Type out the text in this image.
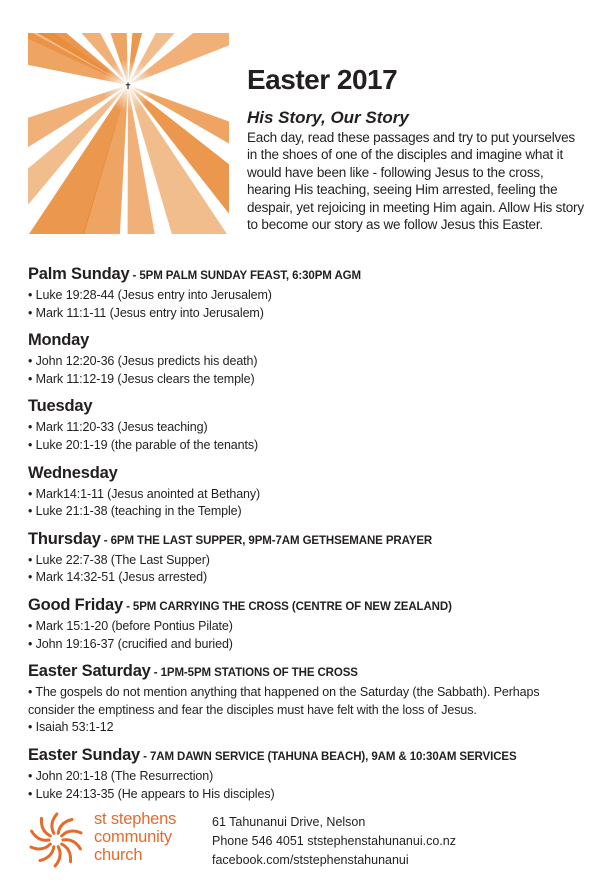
✝	Easter 2017
His Story, Our Story
Each day, read these passages and try to put yourselves in the shoes of one of the disciples and imagine what it would have been like - following Jesus to the cross, hearing His teaching, seeing Him arrested, feeling the despair, yet rejoicing in meeting Him again. Allow His story to become our story as we follow Jesus this Easter.
Palm Sunday - 5PM PALM SUNDAY FEAST, 6:30PM AGM
• Luke 19:28-44 (Jesus entry into Jerusalem)
• Mark 11:1-11 (Jesus entry into Jerusalem)
Monday
• John 12:20-36 (Jesus predicts his death)
• Mark 11:12-19 (Jesus clears the temple)
Tuesday
• Mark 11:20-33 (Jesus teaching)
• Luke 20:1-19 (the parable of the tenants)
Wednesday
• Mark14:1-11 (Jesus anointed at Bethany)
• Luke 21:1-38 (teaching in the Temple)
Thursday - 6PM THE LAST SUPPER, 9PM-7AM GETHSEMANE PRAYER
• Luke 22:7-38 (The Last Supper)
• Mark 14:32-51 (Jesus arrested)
Good Friday - 5PM CARRYING THE CROSS (CENTRE OF NEW ZEALAND)
• Mark 15:1-20 (before Pontius Pilate)
• John 19:16-37 (crucified and buried)
Easter Saturday - 1PM-5PM STATIONS OF THE CROSS
• The gospels do not mention anything that happened on the Saturday (the Sabbath). Perhaps consider the emptiness and fear the disciples must have felt with the loss of Jesus.
• Isaiah 53:1-12
Easter Sunday - 7AM DAWN SERVICE (TAHUNA BEACH), 9AM & 10:30AM SERVICES
• John 20:1-18 (The Resurrection)
• Luke 24:13-35 (He appears to His disciples)
st stephens
community
church
61 Tahunanui Drive, Nelson
Phone 546 4051 ststephenstahunanui.co.nz
facebook.com/ststephenstahunanui
